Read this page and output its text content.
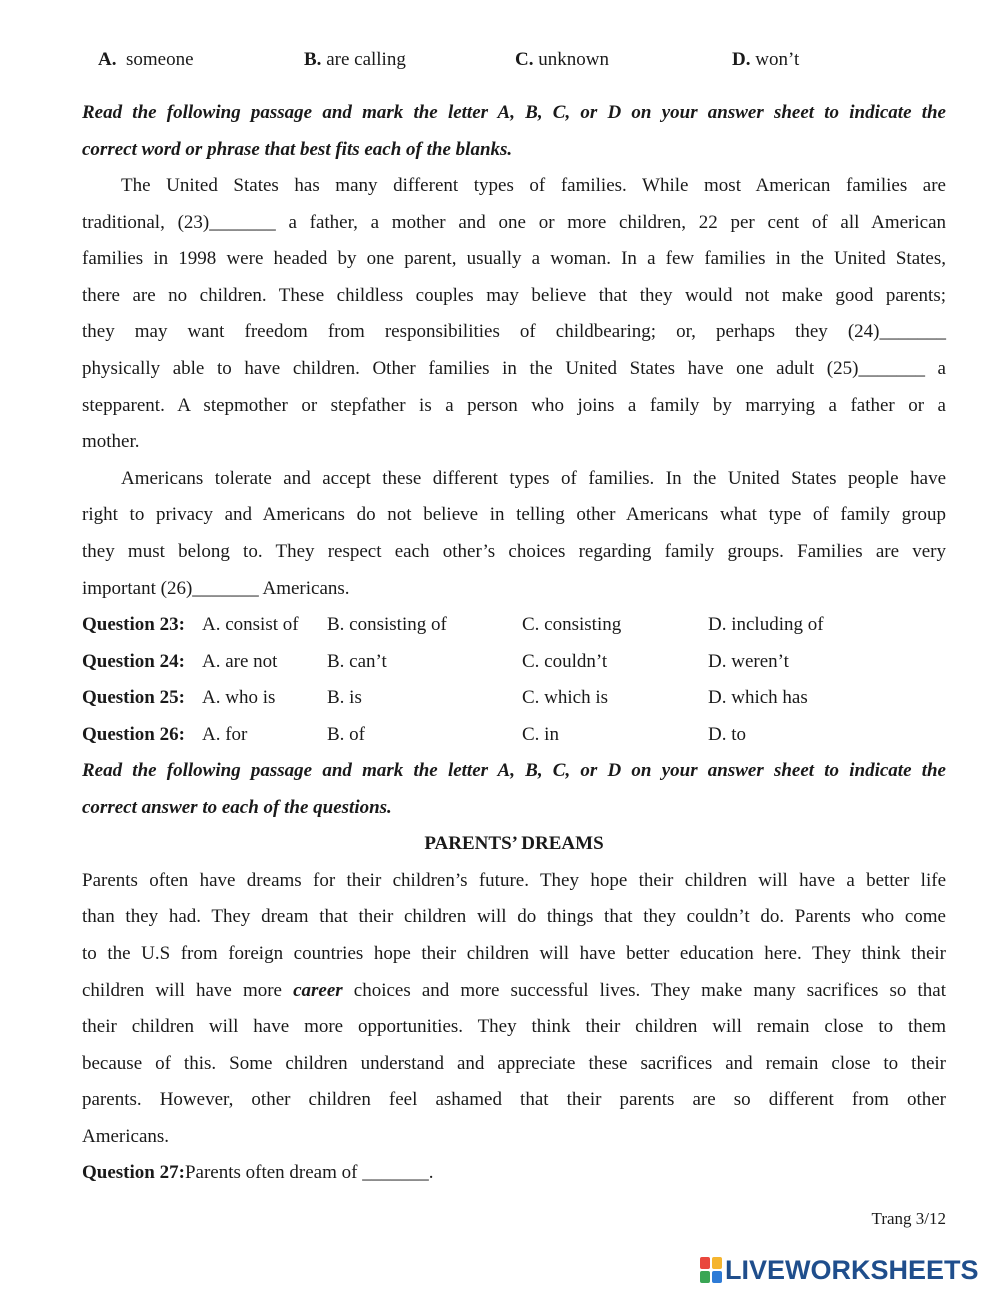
A. someone	B. are calling	C. unknown	D. won’t
Read the following passage and mark the letter A, B, C, or D on your answer sheet to indicate the
correct word or phrase that best fits each of the blanks.
The United States has many different types of families. While most American families are
traditional, (23)_______ a father, a mother and one or more children, 22 per cent of all American
families in 1998 were headed by one parent, usually a woman. In a few families in the United States,
there are no children. These childless couples may believe that they would not make good parents;
they may want freedom from responsibilities of childbearing; or, perhaps they (24)_______
physically able to have children. Other families in the United States have one adult (25)_______ a
stepparent. A stepmother or stepfather is a person who joins a family by marrying a father or a
mother.
Americans tolerate and accept these different types of families. In the United States people have
right to privacy and Americans do not believe in telling other Americans what type of family group
they must belong to. They respect each other’s choices regarding family groups. Families are very
important (26)_______ Americans.
Question 23: A. consist of B. consisting of	C. consisting	D. including of
Question 24: A. are not	B. can’t	C. couldn’t	D. weren’t
Question 25: A. who is	B. is	C. which is	D. which has
Question 26: A. for	B. of	C. in	D. to
Read the following passage and mark the letter A, B, C, or D on your answer sheet to indicate the
correct answer to each of the questions.
PARENTS’ DREAMS
Parents often have dreams for their children’s future. They hope their children will have a better life
than they had. They dream that their children will do things that they couldn’t do. Parents who come
to the U.S from foreign countries hope their children will have better education here. They think their
children will have more career choices and more successful lives. They make many sacrifices so that
their children will have more opportunities. They think their children will remain close to them
because of this. Some children understand and appreciate these sacrifices and remain close to their
parents. However, other children feel ashamed that their parents are so different from other
Americans.
Question 27:Parents often dream of _______.
Trang 3/12
LIVEWORKSHEETS
